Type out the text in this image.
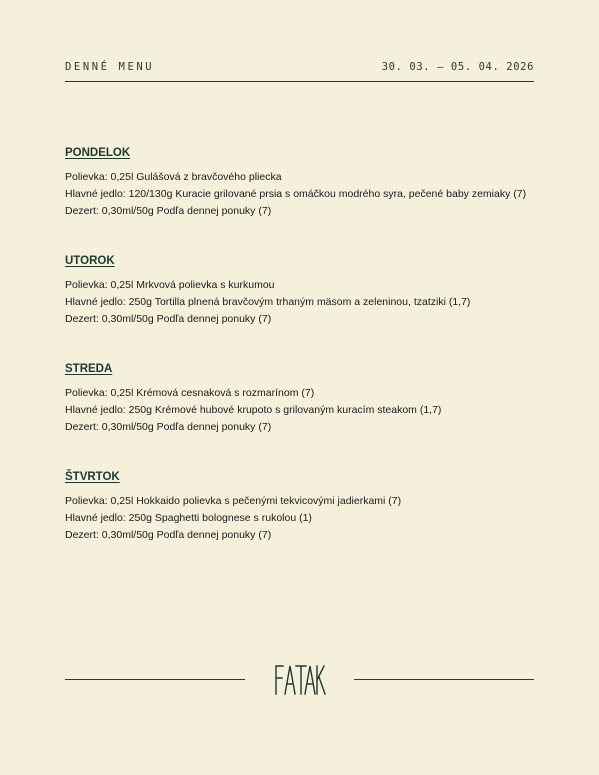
DENNÉ MENU	30. 03. – 05. 04. 2026
PONDELOK

Polievka: 0,25l Gulášová z bravčového pliecka

Hlavné jedlo: 120/130g Kuracie grilované prsia s omáčkou modrého syra, pečené baby zemiaky (7)

Dezert: 0,30ml/50g Podľa dennej ponuky (7)

UTOROK

Polievka: 0,25l Mrkvová polievka s kurkumou

Hlavné jedlo: 250g Tortilla plnená bravčovým trhaným mäsom a zeleninou, tzatziki (1,7)

Dezert: 0,30ml/50g Podľa dennej ponuky (7)

STREDA

Polievka: 0,25l Krémová cesnaková s rozmarínom (7)

Hlavné jedlo: 250g Krémové hubové krupoto s grilovaným kuracím steakom (1,7)

Dezert: 0,30ml/50g Podľa dennej ponuky (7)

ŠTVRTOK

Polievka: 0,25l Hokkaido polievka s pečenými tekvicovými jadierkami (7)

Hlavné jedlo: 250g Spaghetti bolognese s rukolou (1)

Dezert: 0,30ml/50g Podľa dennej ponuky (7)
